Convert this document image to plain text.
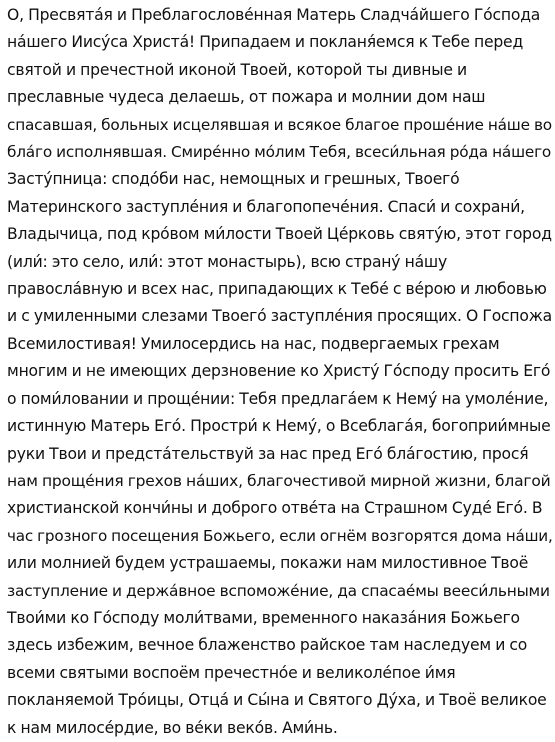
О, Пресвята́я и Преблагослове́нная Матерь Сладча́йшего Го́спода
на́шего Иису́са Христа́! Припадаем и покланя́емся к Тебе перед
святой и пречестной иконой Твоей, которой ты дивные и
преславные чудеса делаешь, от пожара и молнии дом наш
спасавшая, больных исцелявшая и всякое благое проше́ние на́ше во
бла́го исполнявшая. Смире́нно мо́лим Тебя, всеси́льная ро́да на́шего
Засту́пница: сподо́би нас, немощных и грешных, Твоего́
Материнского заступле́ния и благопопече́ния. Спаси́ и сохрани́,
Владычица, под кро́вом ми́лости Твоей Це́рковь святу́ю, этот город
(или́: это село, или́: этот монастырь), всю страну́ на́шу
правосла́вную и всех нас, припадающих к Тебе́ с ве́рою и любовью
и с умиленными слезами Твоего́ заступле́ния просящих. О Госпожа
Всемилостивая! Умилосердись на нас, подвергаемых грехам
многим и не имеющих дерзновение ко Христу́ Го́споду просить Его́
о поми́ловании и проще́нии: Тебя предлага́ем к Нему́ на умоле́ние,
истинную Матерь Его́. Простри́ к Нему́, о Всеблага́я, богоприи́мные
руки Твои и предста́тельствуй за нас пред Его́ бла́гостию, прося́
нам проще́ния грехов на́ших, благочестивой мирной жизни, благой
христианской кончи́ны и доброго отве́та на Страшном Суде́ Его́. В
час грозного посещения Божьего, если огнём возгорятся дома на́ши,
или молнией будем устрашаемы, покажи нам милостивное Твоё
заступление и держа́вное вспоможе́ние, да спасае́мы вееси́льными
Твои́ми ко Го́споду моли́твами, временного наказа́ния Божьего
здесь избежим, вечное блаженство райское там наследуем и со
всеми святыми воспоём пречестно́е и великоле́пое и́мя
покланяемой Тро́ицы, Отца́ и Сы́на и Святого Ду́ха, и Твоё великое
к нам милосе́рдие, во ве́ки веко́в. Ами́нь.
